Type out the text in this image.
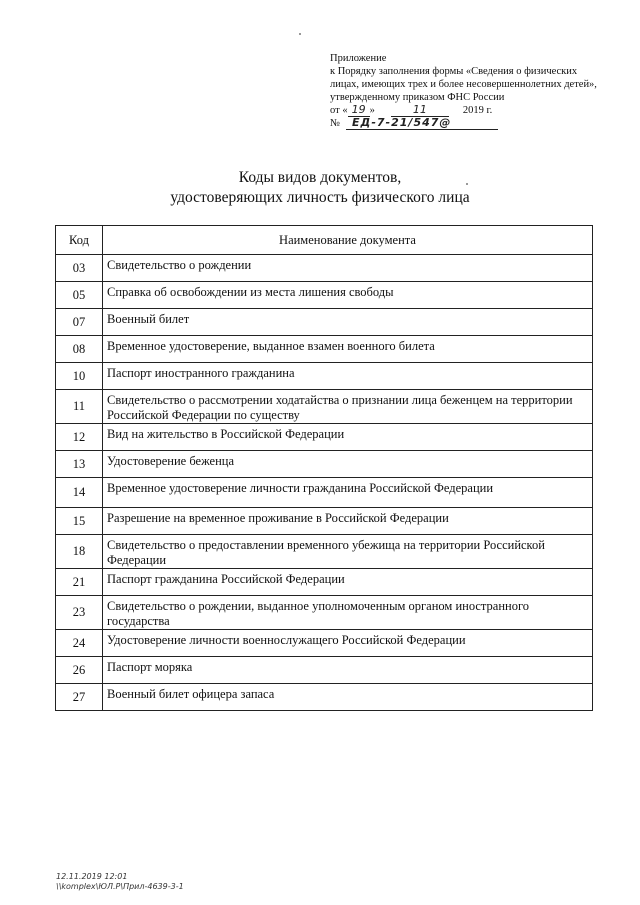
Приложение
к Порядку заполнения формы «Сведения о физических
лицах, имеющих трех и более несовершеннолетних детей»,
утвержденному приказом ФНС России
от « 19 »	11	2019 г.
№	ЕД-7-21/547@
Коды видов документов,
удостоверяющих личность физического лица
Код	Наименование документа
03	Свидетельство о рождении
05	Справка об освобождении из места лишения свободы
07	Военный билет
08	Временное удостоверение, выданное взамен военного билета
10	Паспорт иностранного гражданина
11	Свидетельство о рассмотрении ходатайства о признании лица беженцем на территории Российской Федерации по существу
12	Вид на жительство в Российской Федерации
13	Удостоверение беженца
14	Временное удостоверение личности гражданина Российской Федерации
15	Разрешение на временное проживание в Российской Федерации
18	Свидетельство о предоставлении временного убежища на территории Российской Федерации
21	Паспорт гражданина Российской Федерации
23	Свидетельство о рождении, выданное уполномоченным органом иностранного государства
24	Удостоверение личности военнослужащего Российской Федерации
26	Паспорт моряка
27	Военный билет офицера запаса
12.11.2019 12:01
\\komplex\ЮЛ.Р\Прил-4639-3-1
